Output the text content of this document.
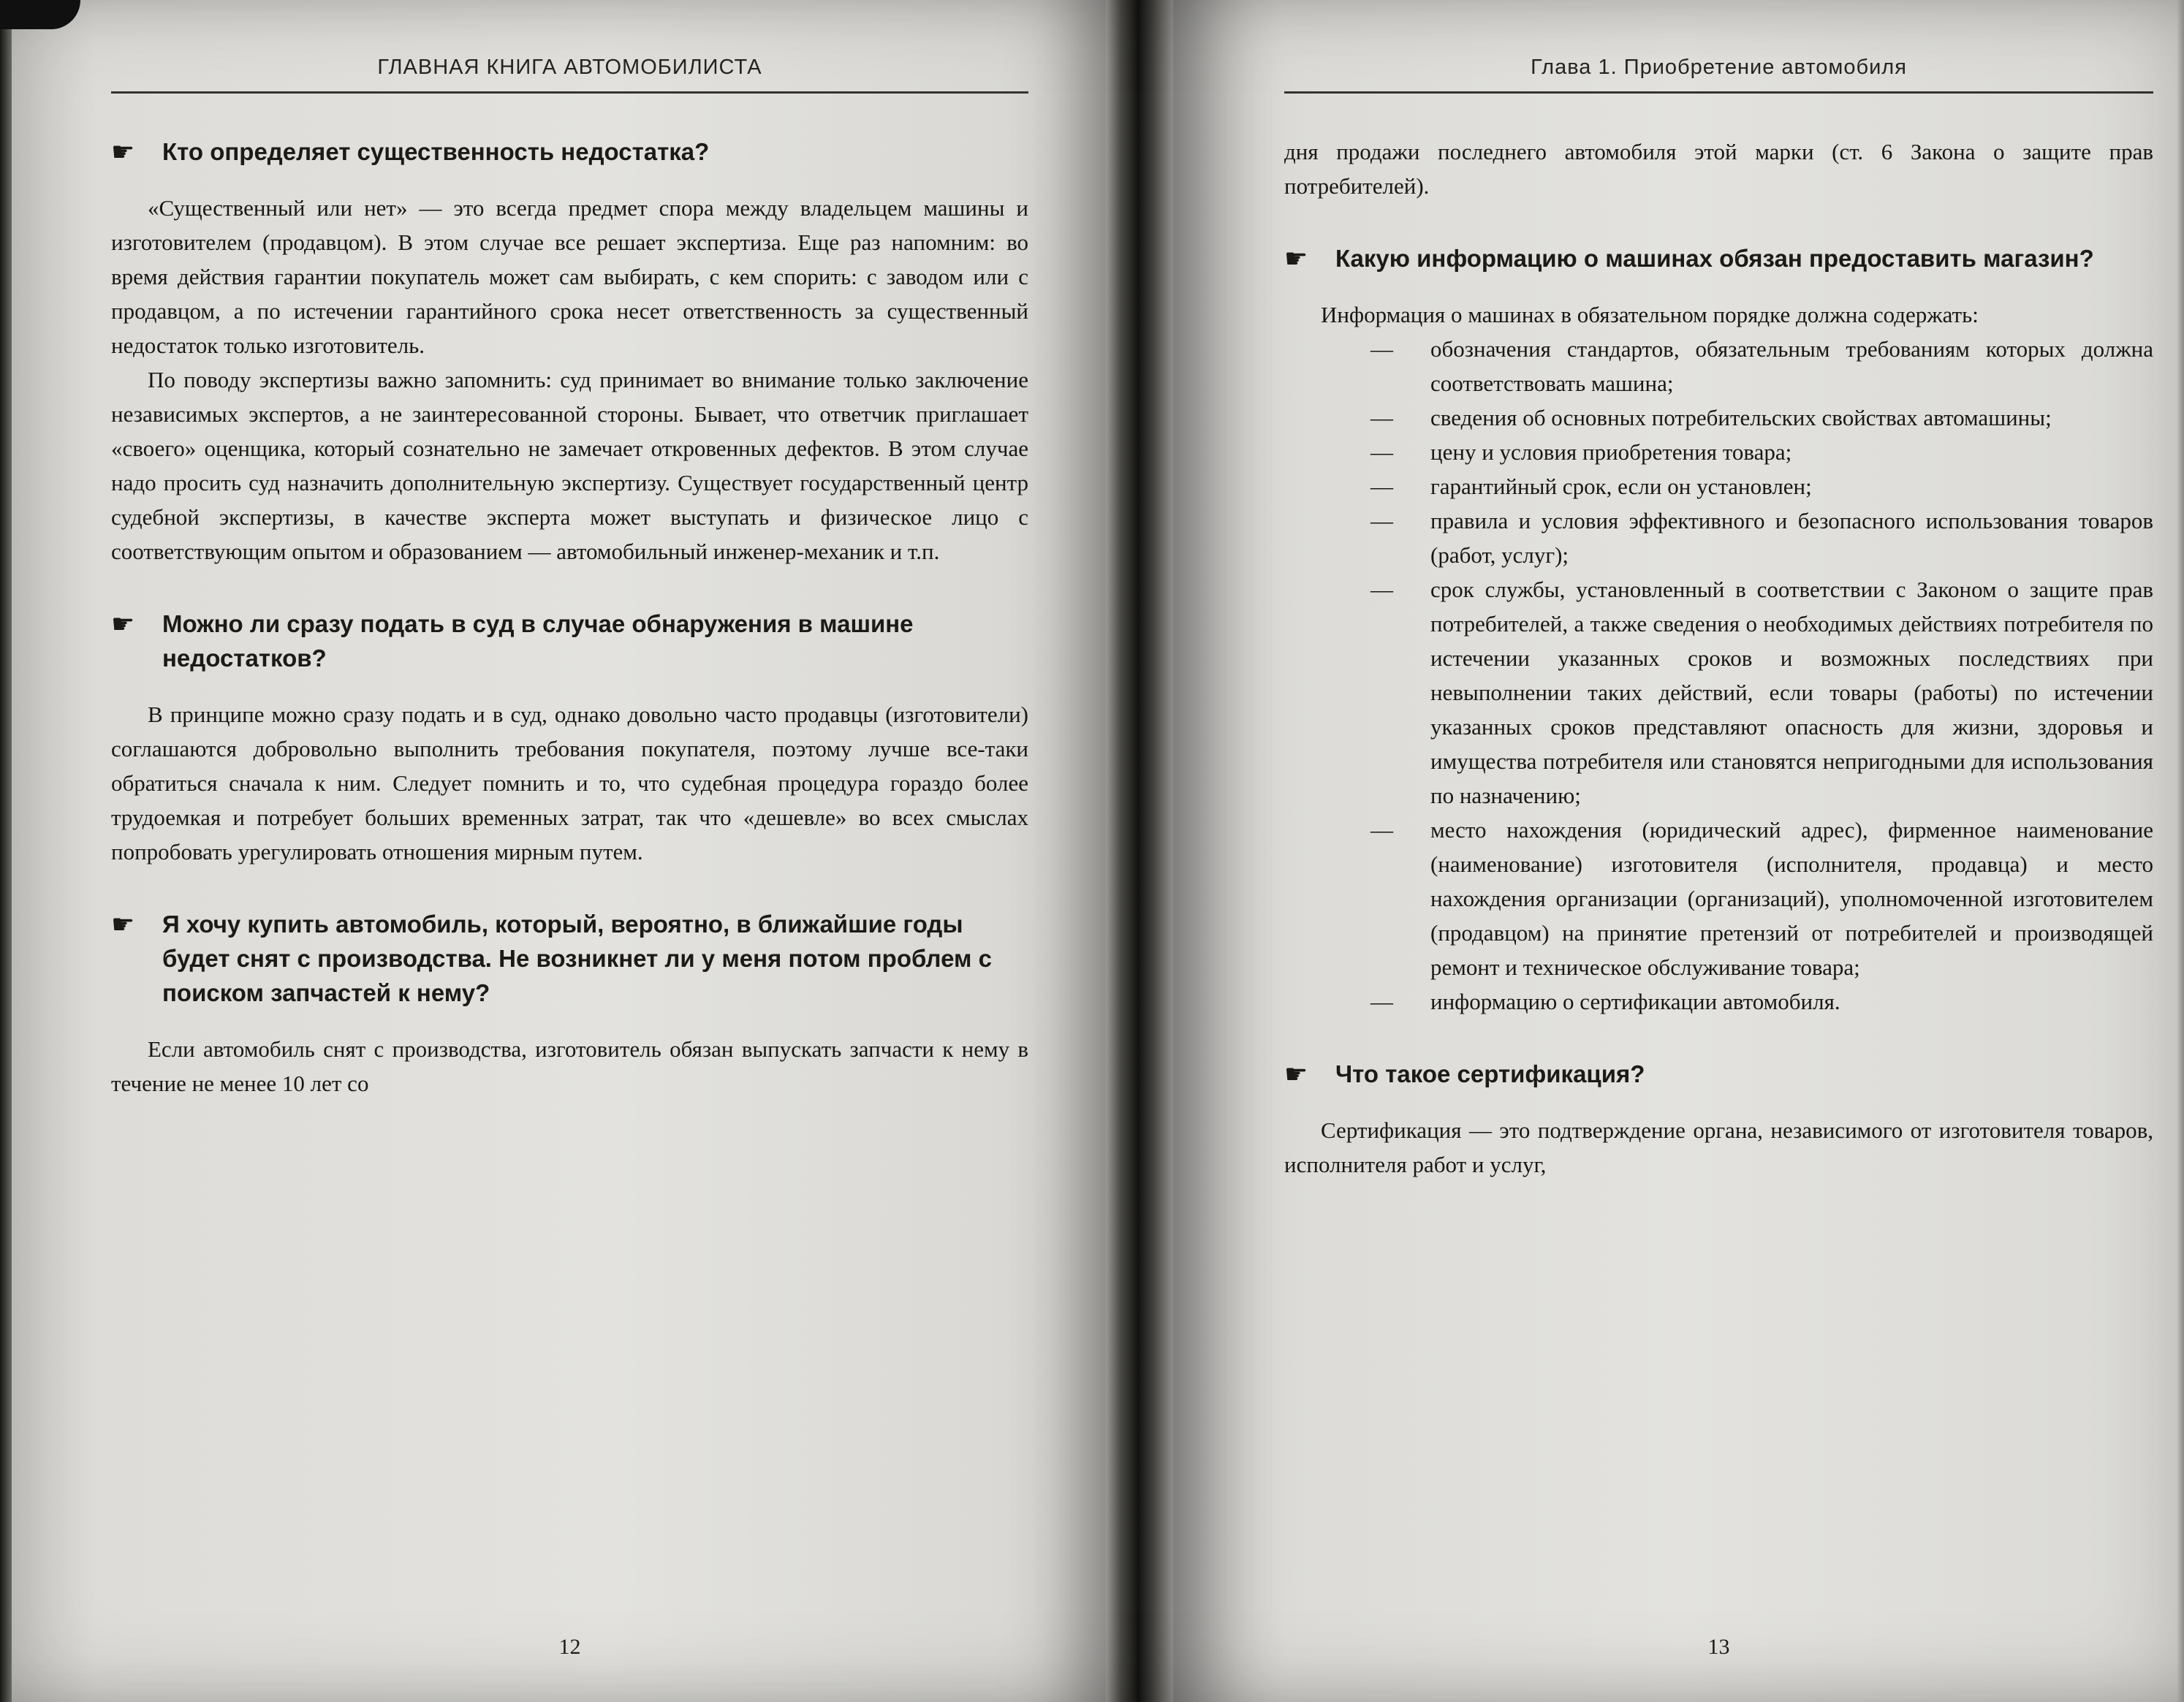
ГЛАВНАЯ КНИГА АВТОМОБИЛИСТА
☛	Кто определяет существенность недостатка?

«Существенный или нет» — это всегда предмет спора между владельцем машины и изготовителем (продавцом). В этом случае все решает экспертиза. Еще раз напомним: во время действия гарантии покупатель может сам выбирать, с кем спорить: с заводом или с продавцом, а по истечении гарантийного срока несет ответственность за существенный недостаток только изготовитель.

По поводу экспертизы важно запомнить: суд принимает во внимание только заключение независимых экспертов, а не заинтересованной стороны. Бывает, что ответчик приглашает «своего» оценщика, который сознательно не замечает откровенных дефектов. В этом случае надо просить суд назначить дополнительную экспертизу. Существует государственный центр судебной экспертизы, в качестве эксперта может выступать и физическое лицо с соответствующим опытом и образованием — автомобильный инженер-механик и т.п.

☛	Можно ли сразу подать в суд в случае обнаружения в машине недостатков?

В принципе можно сразу подать и в суд, однако довольно часто продавцы (изготовители) соглашаются добровольно выполнить требования покупателя, поэтому лучше все-таки обратиться сначала к ним. Следует помнить и то, что судебная процедура гораздо более трудоемкая и потребует больших временных затрат, так что «дешевле» во всех смыслах попробовать урегулировать отношения мирным путем.

☛	Я хочу купить автомобиль, который, вероятно, в ближайшие годы будет снят с производства. Не возникнет ли у меня потом проблем с поиском запчастей к нему?

Если автомобиль снят с производства, изготовитель обязан выпускать запчасти к нему в течение не менее 10 лет со

12
Глава 1. Приобретение автомобиля

дня продажи последнего автомобиля этой марки (ст. 6 Закона о защите прав потребителей).

☛	Какую информацию о машинах обязан предоставить магазин?

Информация о машинах в обязательном порядке должна содержать:

—	обозначения стандартов, обязательным требованиям которых должна соответствовать машина;
—	сведения об основных потребительских свойствах автомашины;
—	цену и условия приобретения товара;
—	гарантийный срок, если он установлен;
—	правила и условия эффективного и безопасного использования товаров (работ, услуг);
—	срок службы, установленный в соответствии с Законом о защите прав потребителей, а также сведения о необходимых действиях потребителя по истечении указанных сроков и возможных последствиях при невыполнении таких действий, если товары (работы) по истечении указанных сроков представляют опасность для жизни, здоровья и имущества потребителя или становятся непригодными для использования по назначению;
—	место нахождения (юридический адрес), фирменное наименование (наименование) изготовителя (исполнителя, продавца) и место нахождения организации (организаций), уполномоченной изготовителем (продавцом) на принятие претензий от потребителей и производящей ремонт и техническое обслуживание товара;
—	информацию о сертификации автомобиля.
☛	Что такое сертификация?

Сертификация — это подтверждение органа, независимого от изготовителя товаров, исполнителя работ и услуг,

13
